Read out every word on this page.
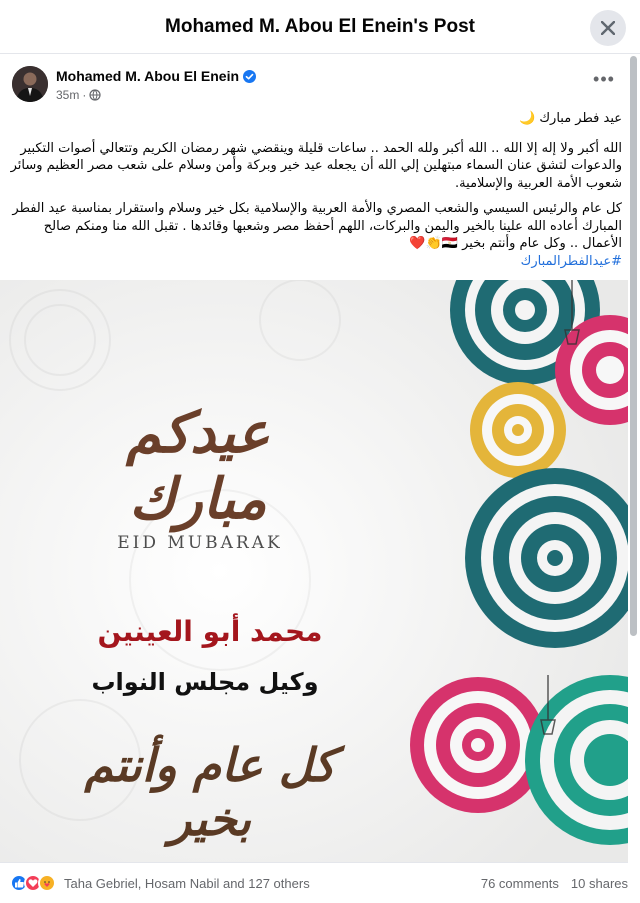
Mohamed M. Abou El Enein's Post
Mohamed M. Abou El Enein
35m ·
•••

عيد فطر مبارك 🌙

الله أكبر ولا إله إلا الله .. الله أكبر ولله الحمد .. ساعات قليلة وينقضي شهر رمضان الكريم وتتعالي أصوات التكبير والدعوات لتشق عنان السماء مبتهلين إلي الله أن يجعله عيد خير وبركة وأمن وسلام على شعب مصر العظيم وسائر شعوب الأمة العربية والإسلامية.

كل عام والرئيس السيسي والشعب المصري والأمة العربية والإسلامية بكل خير وسلام واستقرار بمناسبة عيد الفطر المبارك أعاده الله علينا بالخير واليمن والبركات، اللهم أحفظ مصر وشعبها وقائدها . تقبل الله منا ومنكم صالح الأعمال .. وكل عام وأنتم بخير 🇪🇬👏❤️

#عيدالفطرالمبارك

عيدكم مبارك
EID MUBARAK
محمد أبو العينين
وكيل مجلس النواب
كل عام وأنتم بخير
Taha Gebriel, Hosam Nabil and 127 others	76 comments 10 shares
